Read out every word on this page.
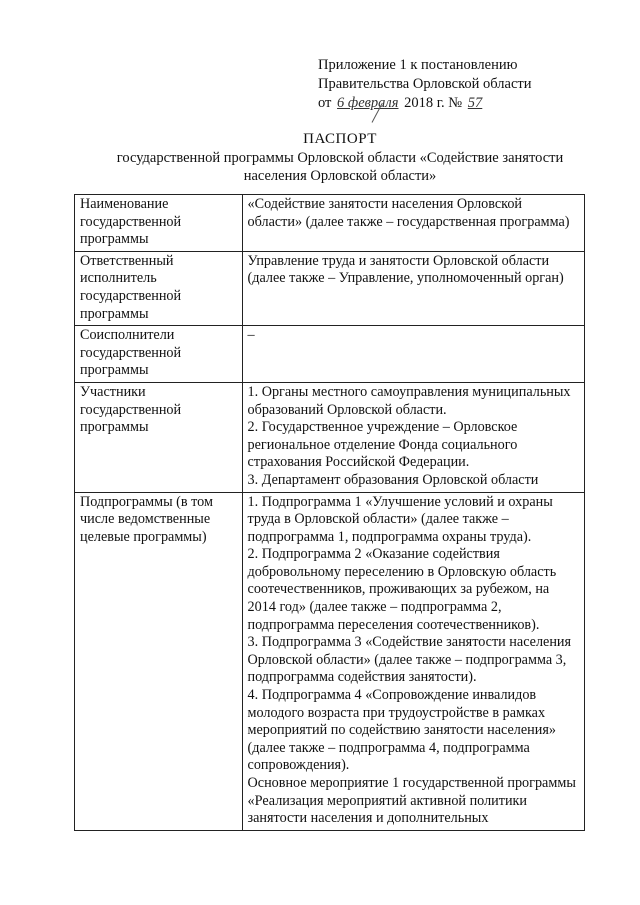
Приложение 1 к постановлению
Правительства Орловской области
от 6 февраля 2018 г. № 57
ПАСПОРТ
государственной программы Орловской области «Содействие занятости
населения Орловской области»
Наименование государственной программы	«Содействие занятости населения Орловской области» (далее также – государственная программа)

Ответственный исполнитель государственной программы	Управление труда и занятости Орловской области (далее также – Управление, уполномоченный орган)

Соисполнители государственной программы	–

Участники государственной программы	1. Органы местного самоуправления муниципальных образований Орловской области.
2. Государственное учреждение – Орловское региональное отделение Фонда социального страхования Российской Федерации.
3. Департамент образования Орловской области

Подпрограммы (в том числе ведомственные целевые программы)	1. Подпрограмма 1 «Улучшение условий и охраны труда в Орловской области» (далее также – подпрограмма 1, подпрограмма охраны труда).
2. Подпрограмма 2 «Оказание содействия добровольному переселению в Орловскую область соотечественников, проживающих за рубежом, на 2014 год» (далее также – подпрограмма 2, подпрограмма переселения соотечественников).
3. Подпрограмма 3 «Содействие занятости населения Орловской области» (далее также – подпрограмма 3, подпрограмма содействия занятости).
4. Подпрограмма 4 «Сопровождение инвалидов молодого возраста при трудоустройстве в рамках мероприятий по содействию занятости населения» (далее также – подпрограмма 4, подпрограмма сопровождения).
Основное мероприятие 1 государственной программы «Реализация мероприятий активной политики занятости населения и дополнительных
